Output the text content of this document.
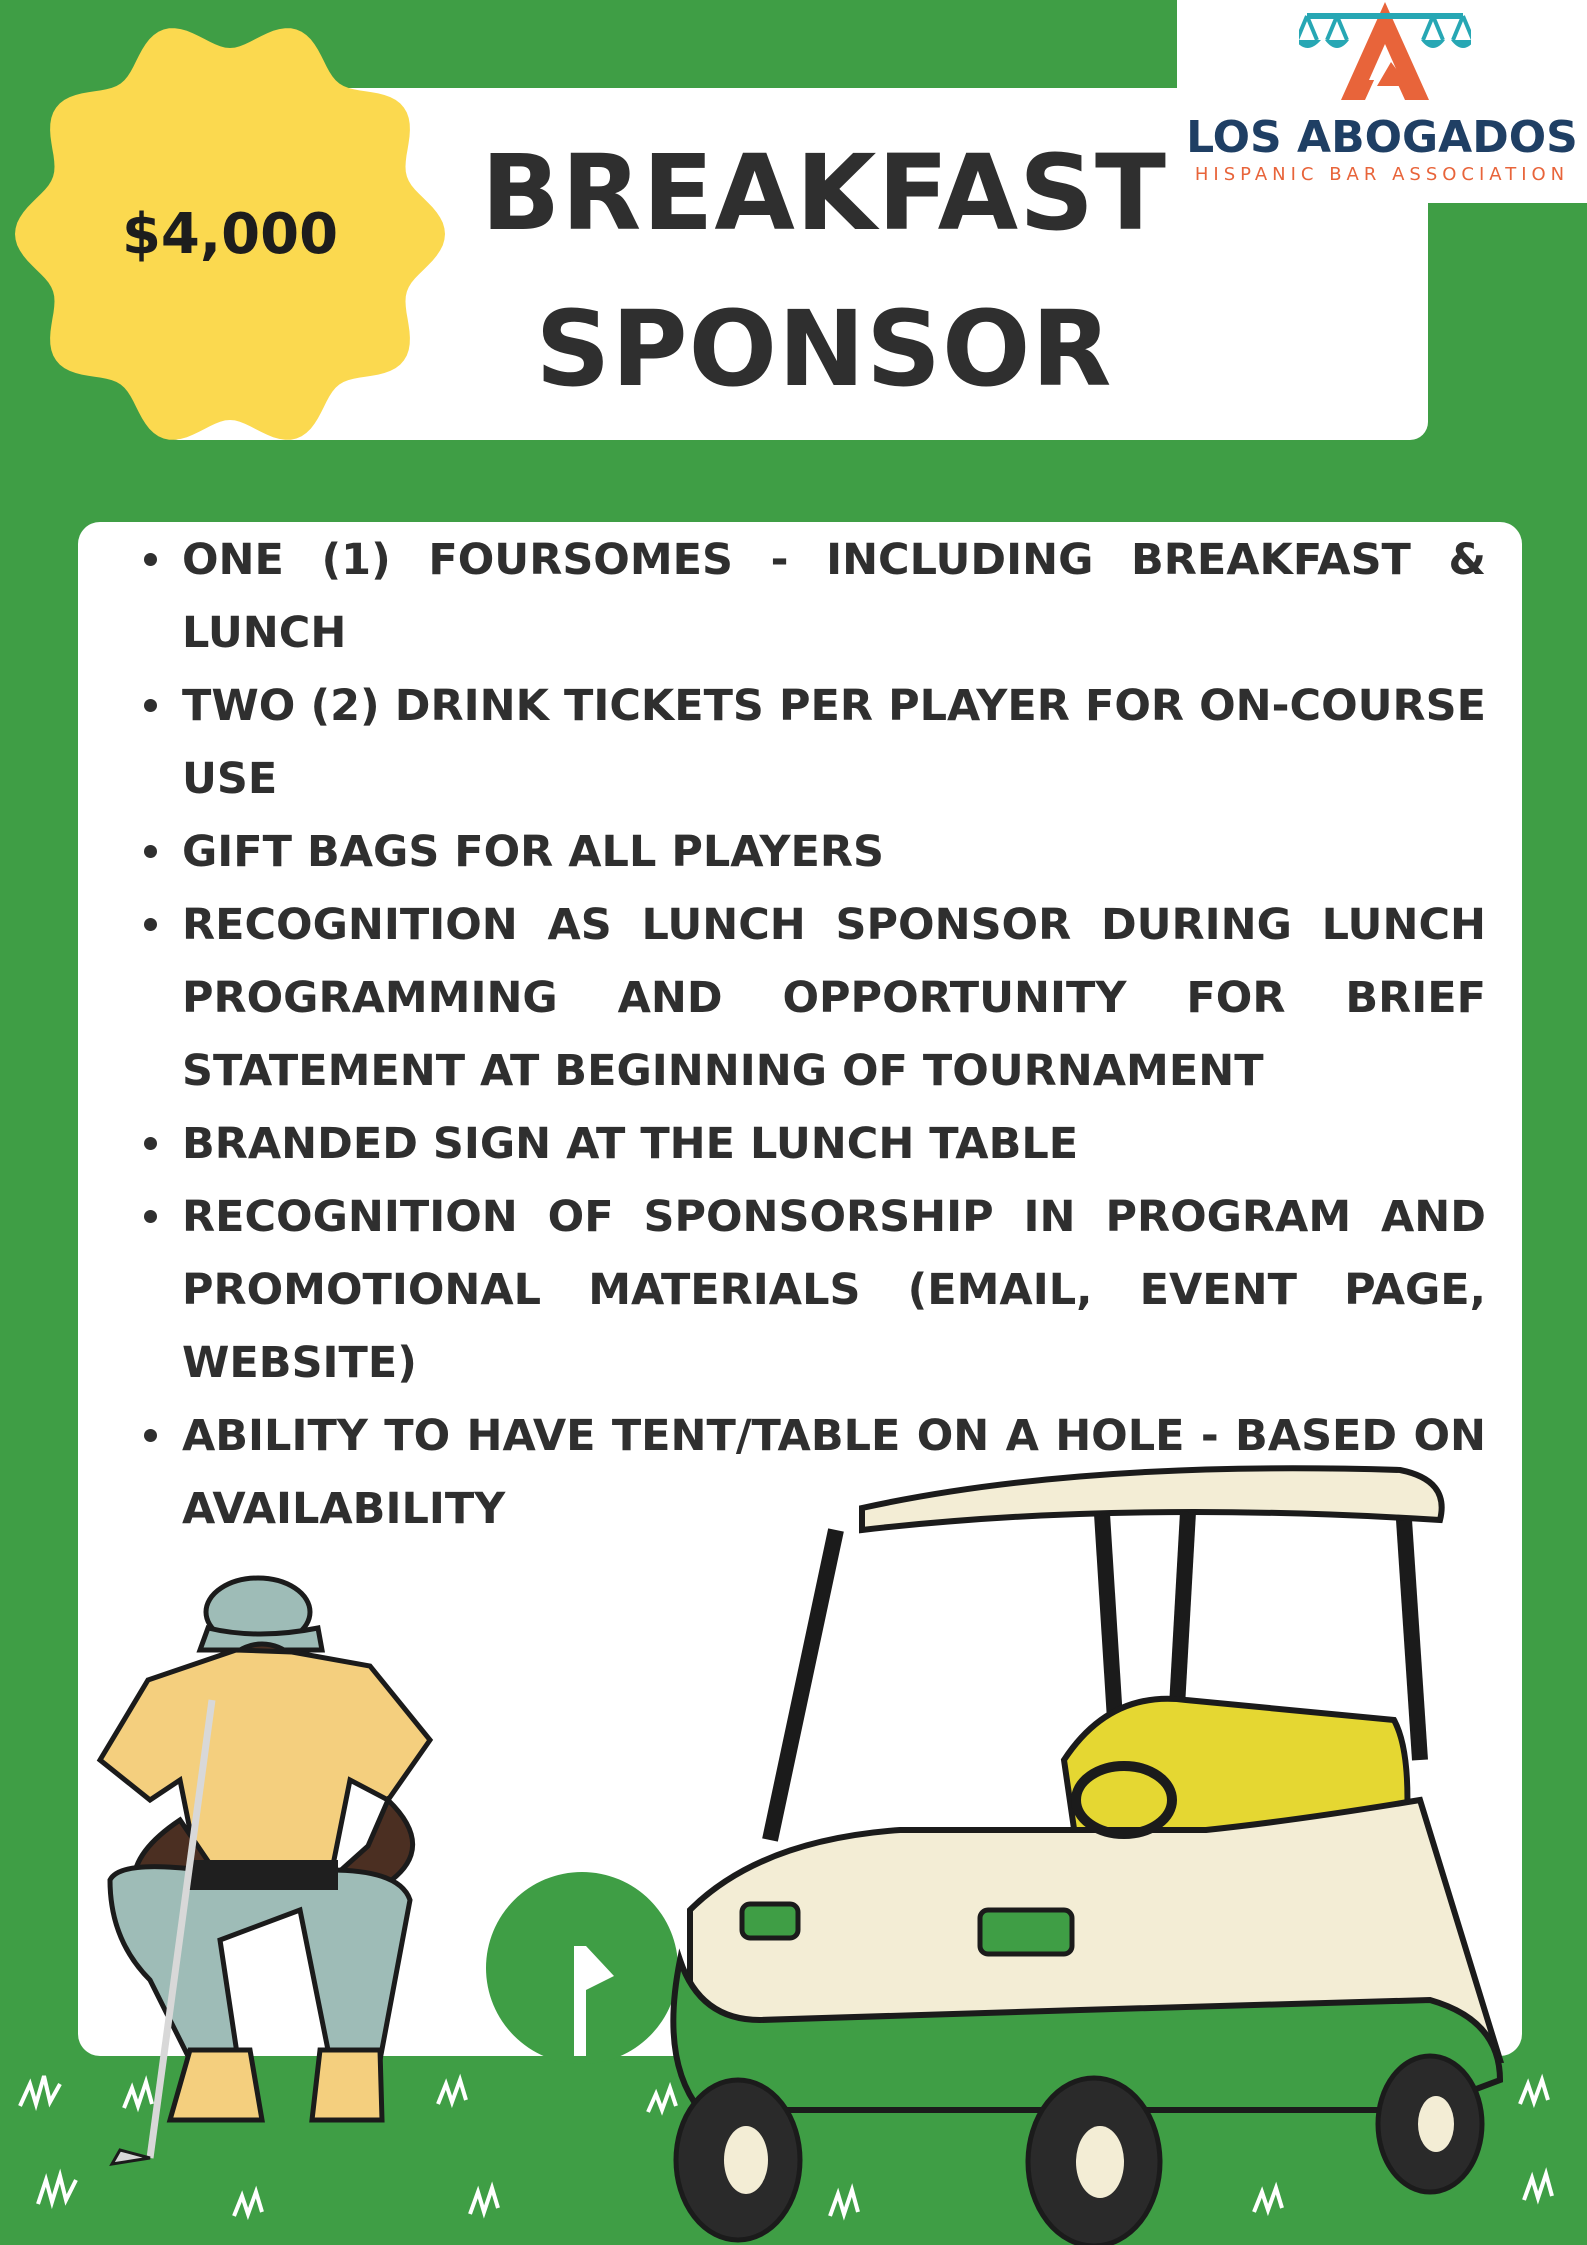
BREAKFAST
SPONSOR
$4,000
LOS ABOGADOS
HISPANIC BAR ASSOCIATION
ONE (1) FOURSOMES - INCLUDING BREAKFAST & LUNCH
TWO (2) DRINK TICKETS PER PLAYER FOR ON-COURSE USE
GIFT BAGS FOR ALL PLAYERS
RECOGNITION AS LUNCH SPONSOR DURING LUNCH PROGRAMMING AND OPPORTUNITY FOR BRIEF STATEMENT AT BEGINNING OF TOURNAMENT
BRANDED SIGN AT THE LUNCH TABLE
RECOGNITION OF SPONSORSHIP IN PROGRAM AND PROMOTIONAL MATERIALS (EMAIL, EVENT PAGE, WEBSITE)
ABILITY TO HAVE TENT/TABLE ON A HOLE - BASED ON AVAILABILITY
